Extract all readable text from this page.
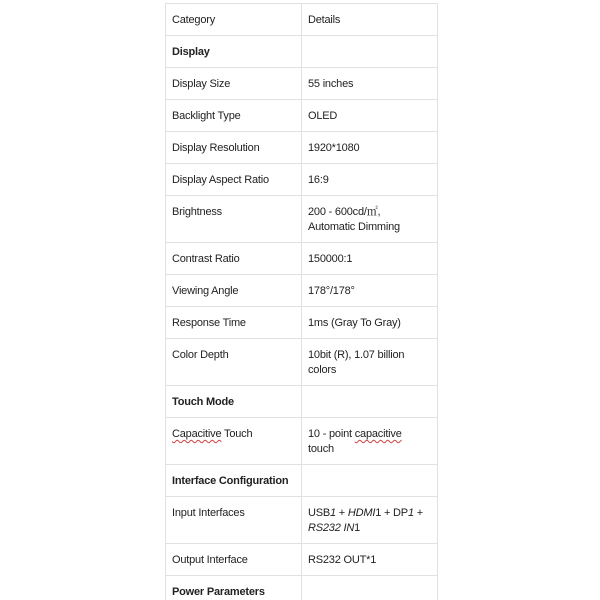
Category	Details
Display	
Display Size	55 inches
Backlight Type	OLED
Display Resolution	1920*1080
Display Aspect Ratio	16:9
Brightness	200 - 600cd/㎡,
Automatic Dimming
Contrast Ratio	150000:1
Viewing Angle	178°/178°
Response Time	1ms (Gray To Gray)
Color Depth	10bit (R), 1.07 billion
colors
Touch Mode	
Capacitive Touch	10 - point capacitive
touch
Interface Configuration	
Input Interfaces	USB1 + HDMI1 + DP1 +
RS232 IN1
Output Interface	RS232 OUT*1
Power Parameters	
